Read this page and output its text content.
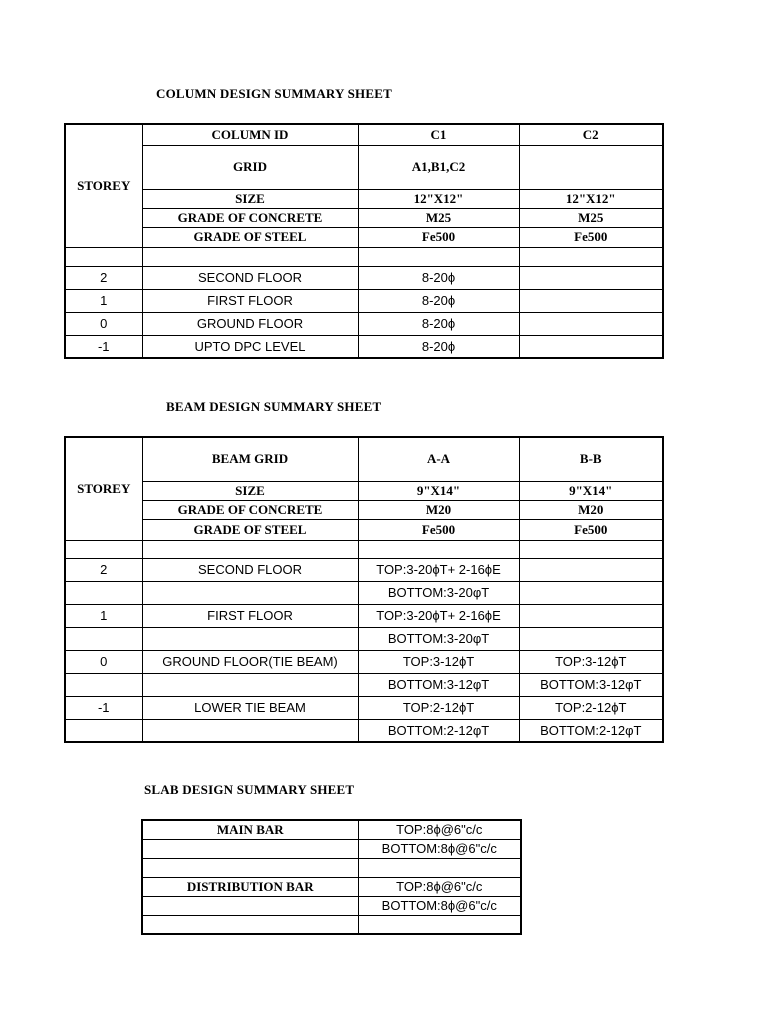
COLUMN DESIGN SUMMARY SHEET
STOREY	COLUMN ID	C1	C2
	GRID	A1,B1,C2	
	SIZE	12"X12"	12"X12"
	GRADE OF CONCRETE	M25	M25
	GRADE OF STEEL	Fe500	Fe500

2	SECOND FLOOR	8-20ϕ	
1	FIRST FLOOR	8-20ϕ	
0	GROUND FLOOR	8-20ϕ	
-1	UPTO DPC LEVEL	8-20ϕ	
BEAM DESIGN SUMMARY SHEET
STOREY	BEAM GRID	A-A	B-B
	SIZE	9"X14"	9"X14"
	GRADE OF CONCRETE	M20	M20
	GRADE OF STEEL	Fe500	Fe500

2	SECOND FLOOR	TOP:3-20ϕT+ 2-16ϕE	
		BOTTOM:3-20φT	
1	FIRST FLOOR	TOP:3-20ϕT+ 2-16ϕE	
		BOTTOM:3-20φT	
0	GROUND FLOOR(TIE BEAM)	TOP:3-12ϕT	TOP:3-12ϕT
		BOTTOM:3-12φT	BOTTOM:3-12φT
-1	LOWER TIE BEAM	TOP:2-12ϕT	TOP:2-12ϕT
		BOTTOM:2-12φT	BOTTOM:2-12φT
SLAB DESIGN SUMMARY SHEET
MAIN BAR	TOP:8ϕ@6"c/c
	BOTTOM:8ϕ@6"c/c

DISTRIBUTION BAR	TOP:8ϕ@6"c/c
	BOTTOM:8ϕ@6"c/c
